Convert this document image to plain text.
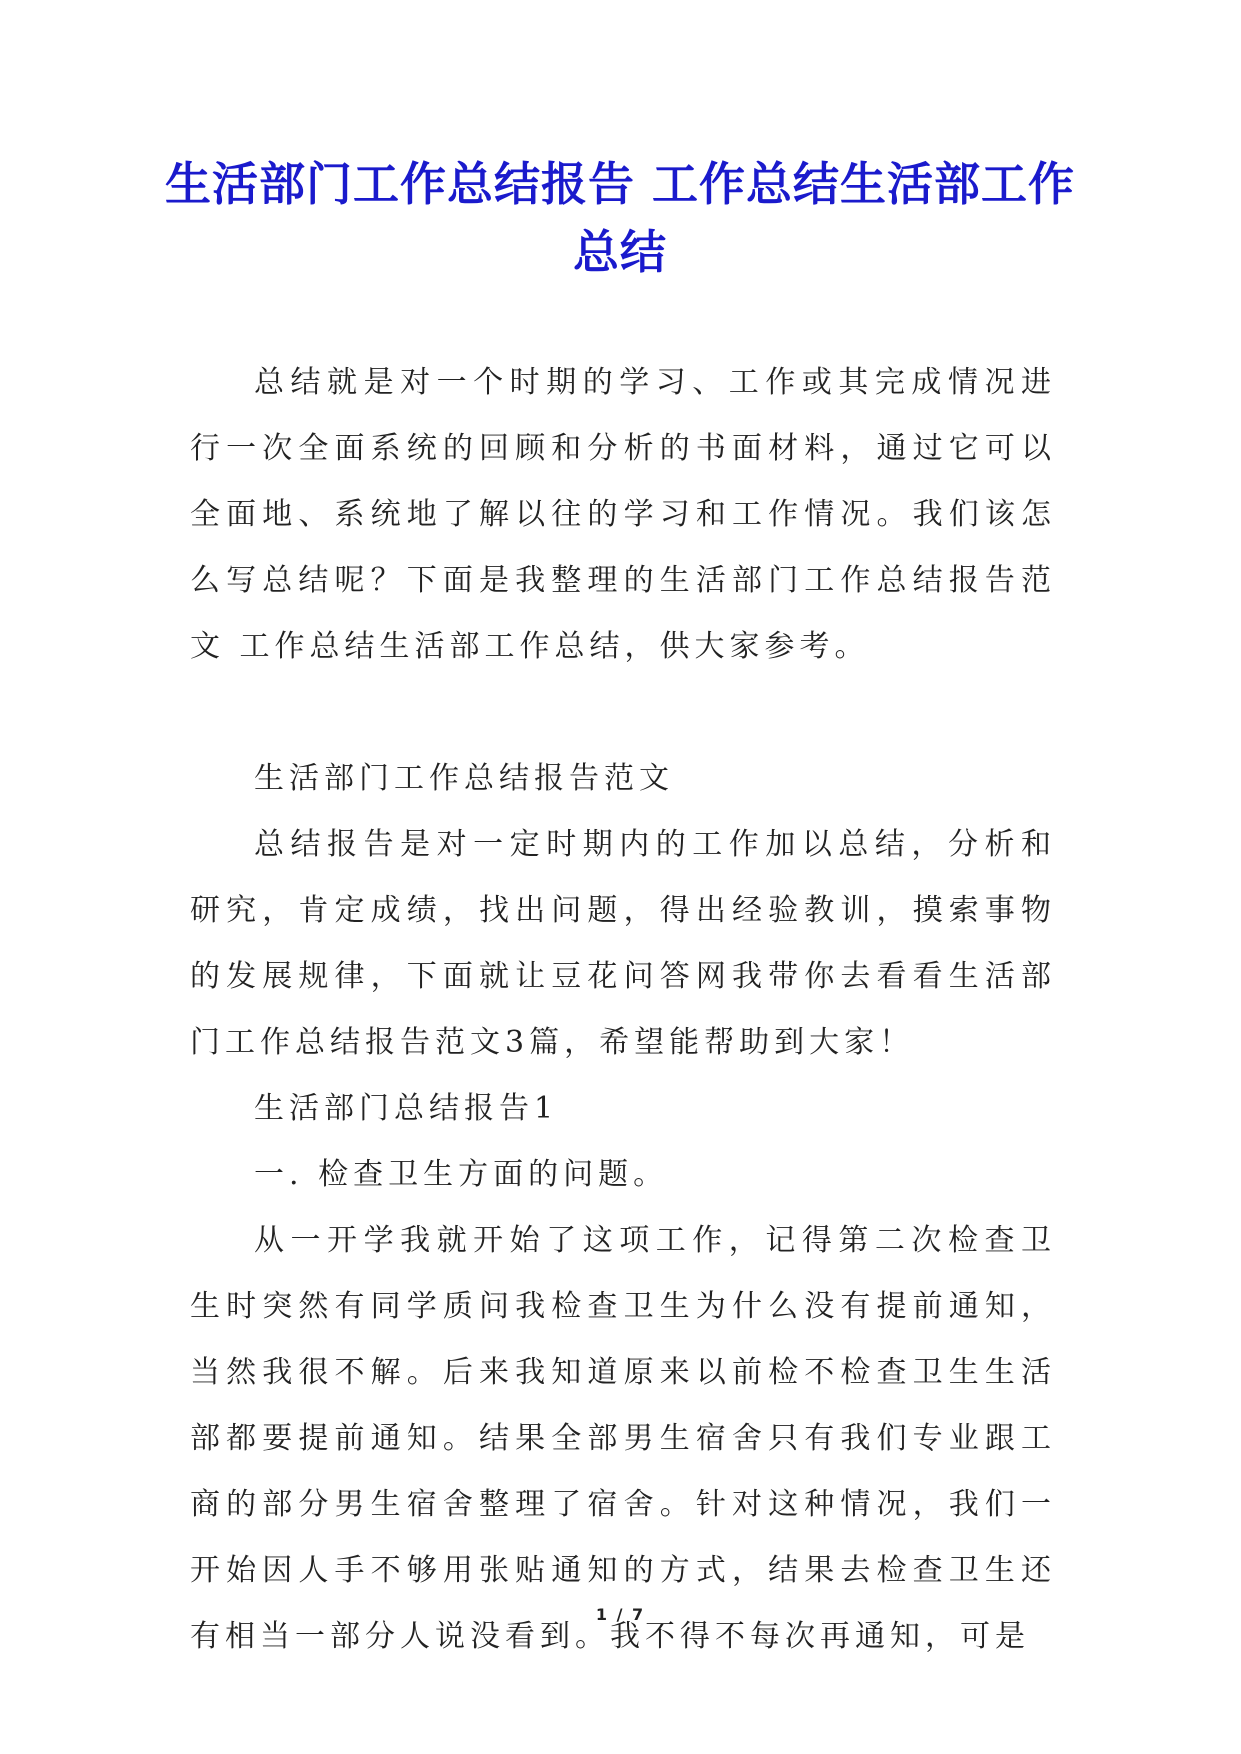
生活部门工作总结报告 工作总结生活部工作总结

总结就是对一个时期的学习、工作或其完成情况进行一次全面系统的回顾和分析的书面材料，通过它可以全面地、系统地了解以往的学习和工作情况。我们该怎么写总结呢？下面是我整理的生活部门工作总结报告范文 工作总结生活部工作总结，供大家参考。

生活部门工作总结报告范文

总结报告是对一定时期内的工作加以总结，分析和研究，肯定成绩，找出问题，得出经验教训，摸索事物的发展规律，下面就让豆花问答网我带你去看看生活部门工作总结报告范文3篇，希望能帮助到大家！

生活部门总结报告1

一. 检查卫生方面的问题。

从一开学我就开始了这项工作，记得第二次检查卫生时突然有同学质问我检查卫生为什么没有提前通知，当然我很不解。后来我知道原来以前检不检查卫生生活部都要提前通知。结果全部男生宿舍只有我们专业跟工商的部分男生宿舍整理了宿舍。针对这种情况，我们一开始因人手不够用张贴通知的方式，结果去检查卫生还有相当一部分人说没看到。我不得不每次再通知，可是

1 / 7
